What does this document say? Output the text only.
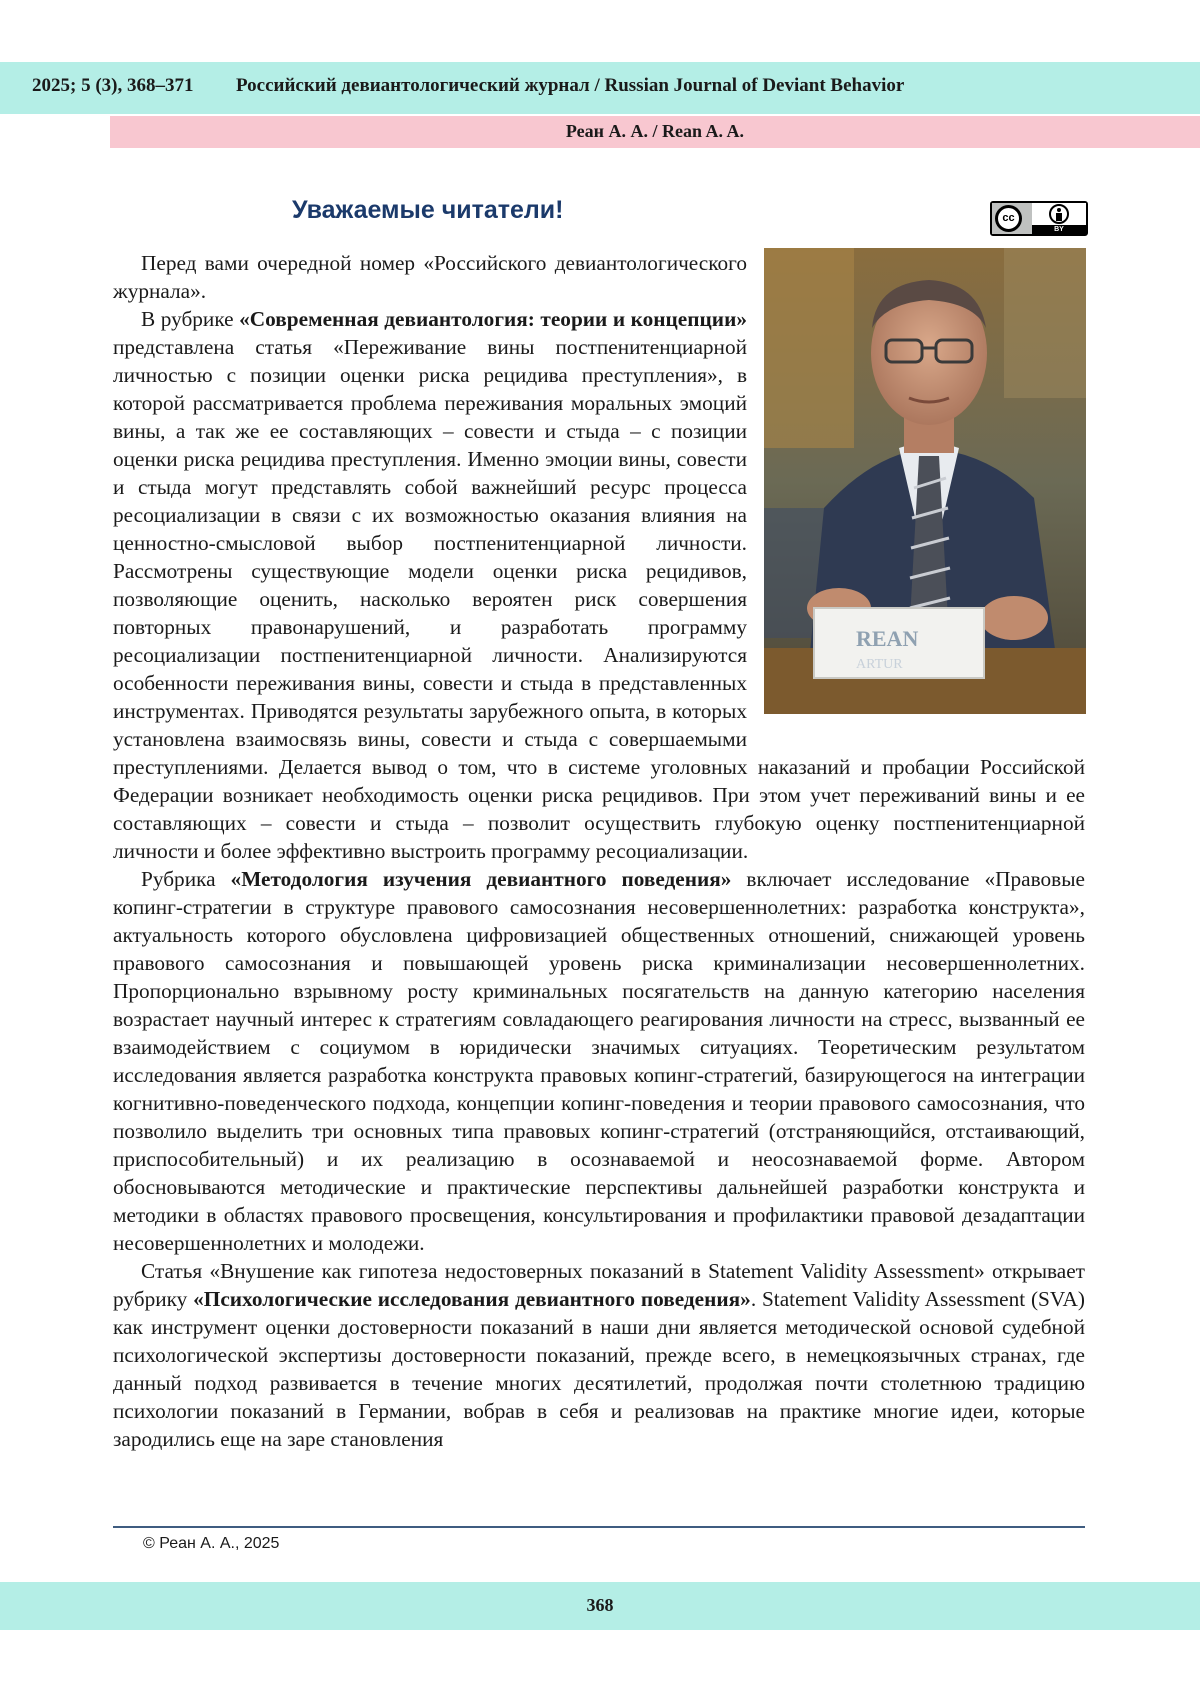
2025; 5 (3), 368–371 Российский девиантологический журнал / Russian Journal of Deviant Behavior
Реан А. А. / Rean A. A.
Уважаемые читатели!	cc
BY
REAN
ARTUR

Перед вами очередной номер «Российского девиантологического журнала».

В рубрике «Современная девиантология: теории и концепции» представлена статья «Переживание вины постпенитенциарной личностью с позиции оценки риска рецидива преступления», в которой рассматривается проблема переживания моральных эмоций вины, а так же ее составляющих – совести и стыда – с позиции оценки риска рецидива преступления. Именно эмоции вины, совести и стыда могут представлять собой важнейший ресурс процесса ресоциализации в связи с их возможностью оказания влияния на ценностно-смысловой выбор постпенитенциарной личности. Рассмотрены существующие модели оценки риска рецидивов, позволяющие оценить, насколько вероятен риск совершения повторных правонарушений, и разработать программу ресоциализации постпенитенциарной личности. Анализируются особенности переживания вины, совести и стыда в представленных инструментах. Приводятся результаты зарубежного опыта, в которых установлена взаимосвязь вины, совести и стыда с совершаемыми преступлениями. Делается вывод о том, что в системе уголовных наказаний и пробации Российской Федерации возникает необходимость оценки риска рецидивов. При этом учет переживаний вины и ее составляющих – совести и стыда – позволит осуществить глубокую оценку постпенитенциарной личности и более эффективно выстроить программу ресоциализации.

Рубрика «Методология изучения девиантного поведения» включает исследование «Правовые копинг-стратегии в структуре правового самосознания несовершеннолетних: разработка конструкта», актуальность которого обусловлена цифровизацией общественных отношений, снижающей уровень правового самосознания и повышающей уровень риска криминализации несовершеннолетних. Пропорционально взрывному росту криминальных посягательств на данную категорию населения возрастает научный интерес к стратегиям совладающего реагирования личности на стресс, вызванный ее взаимодействием с социумом в юридически значимых ситуациях. Теоретическим результатом исследования является разработка конструкта правовых копинг-стратегий, базирующегося на интеграции когнитивно-поведенческого подхода, концепции копинг-поведения и теории правового самосознания, что позволило выделить три основных типа правовых копинг-стратегий (отстраняющийся, отстаивающий, приспособительный) и их реализацию в осознаваемой и неосознаваемой форме. Автором обосновываются методические и практические перспективы дальнейшей разработки конструкта и методики в областях правового просвещения, консультирования и профилактики правовой дезадаптации несовершеннолетних и молодежи.

Статья «Внушение как гипотеза недостоверных показаний в Statement Validity Assessment» открывает рубрику «Психологические исследования девиантного поведения». Statement Validity Assessment (SVA) как инструмент оценки достоверности показаний в наши дни является методической основой судебной психологической экспертизы достоверности показаний, прежде всего, в немецкоязычных странах, где данный подход развивается в течение многих десятилетий, продолжая почти столетнюю традицию психологии показаний в Германии, вобрав в себя и реализовав на практике многие идеи, которые зародились еще на заре становления

© Реан А. А., 2025
368
